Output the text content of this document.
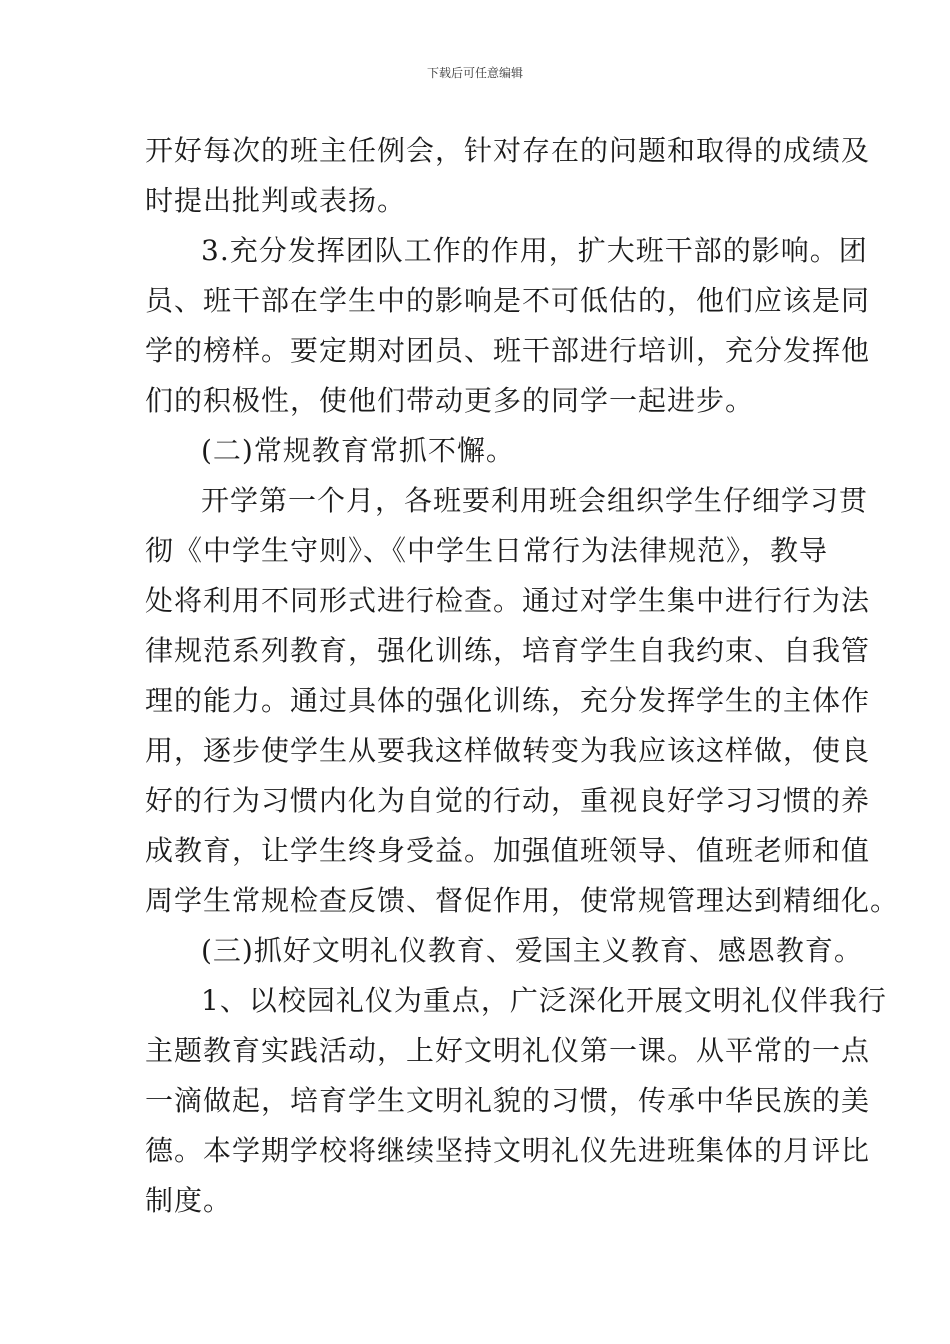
下载后可任意编辑
开好每次的班主任例会，针对存在的问题和取得的成绩及
时提出批判或表扬。
3.充分发挥团队工作的作用，扩大班干部的影响。团
员、班干部在学生中的影响是不可低估的，他们应该是同
学的榜样。要定期对团员、班干部进行培训，充分发挥他
们的积极性，使他们带动更多的同学一起进步。
(二)常规教育常抓不懈。
开学第一个月，各班要利用班会组织学生仔细学习贯
彻《中学生守则》、《中学生日常行为法律规范》，教导
处将利用不同形式进行检查。通过对学生集中进行行为法
律规范系列教育，强化训练，培育学生自我约束、自我管
理的能力。通过具体的强化训练，充分发挥学生的主体作
用，逐步使学生从要我这样做转变为我应该这样做，使良
好的行为习惯内化为自觉的行动，重视良好学习习惯的养
成教育，让学生终身受益。加强值班领导、值班老师和值
周学生常规检查反馈、督促作用，使常规管理达到精细化。
(三)抓好文明礼仪教育、爱国主义教育、感恩教育。
1、以校园礼仪为重点，广泛深化开展文明礼仪伴我行
主题教育实践活动，上好文明礼仪第一课。从平常的一点
一滴做起，培育学生文明礼貌的习惯，传承中华民族的美
德。本学期学校将继续坚持文明礼仪先进班集体的月评比
制度。
